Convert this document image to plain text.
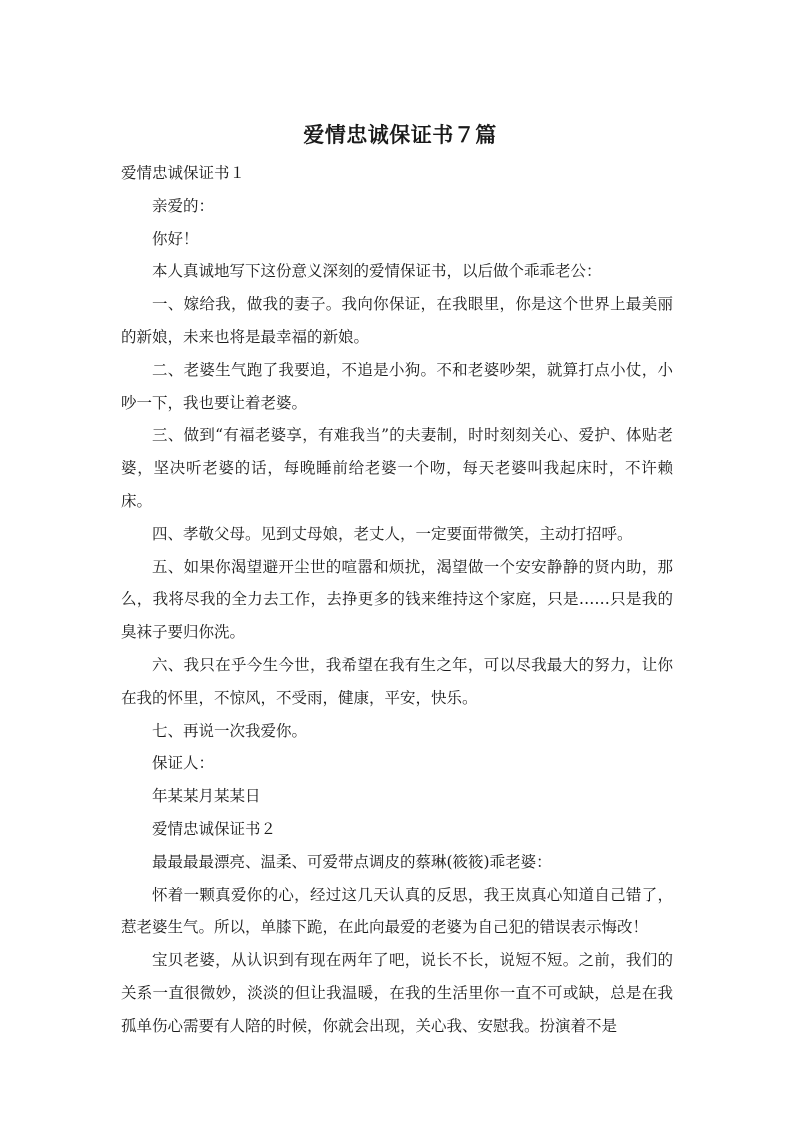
爱情忠诚保证书７篇

爱情忠诚保证书１

亲爱的：

你好！

本人真诚地写下这份意义深刻的爱情保证书，以后做个乖乖老公：

一、嫁给我，做我的妻子。我向你保证，在我眼里，你是这个世界上最美丽的新娘，未来也将是最幸福的新娘。

二、老婆生气跑了我要追，不追是小狗。不和老婆吵架，就算打点小仗，小吵一下，我也要让着老婆。

三、做到“有福老婆享，有难我当”的夫妻制，时时刻刻关心、爱护、体贴老婆，坚决听老婆的话，每晚睡前给老婆一个吻，每天老婆叫我起床时，不许赖床。

四、孝敬父母。见到丈母娘，老丈人，一定要面带微笑，主动打招呼。

五、如果你渴望避开尘世的喧嚣和烦扰，渴望做一个安安静静的贤内助，那么，我将尽我的全力去工作，去挣更多的钱来维持这个家庭，只是……只是我的臭袜子要归你洗。

六、我只在乎今生今世，我希望在我有生之年，可以尽我最大的努力，让你在我的怀里，不惊风，不受雨，健康，平安，快乐。

七、再说一次我爱你。

保证人：

年某某月某某日

爱情忠诚保证书２

最最最最漂亮、温柔、可爱带点调皮的蔡琳(筱筱)乖老婆：

怀着一颗真爱你的心，经过这几天认真的反思，我王岚真心知道自己错了，惹老婆生气。所以，单膝下跪，在此向最爱的老婆为自己犯的错误表示悔改！

宝贝老婆，从认识到有现在两年了吧，说长不长，说短不短。之前，我们的关系一直很微妙，淡淡的但让我温暖，在我的生活里你一直不可或缺，总是在我孤单伤心需要有人陪的时候，你就会出现，关心我、安慰我。扮演着不是
